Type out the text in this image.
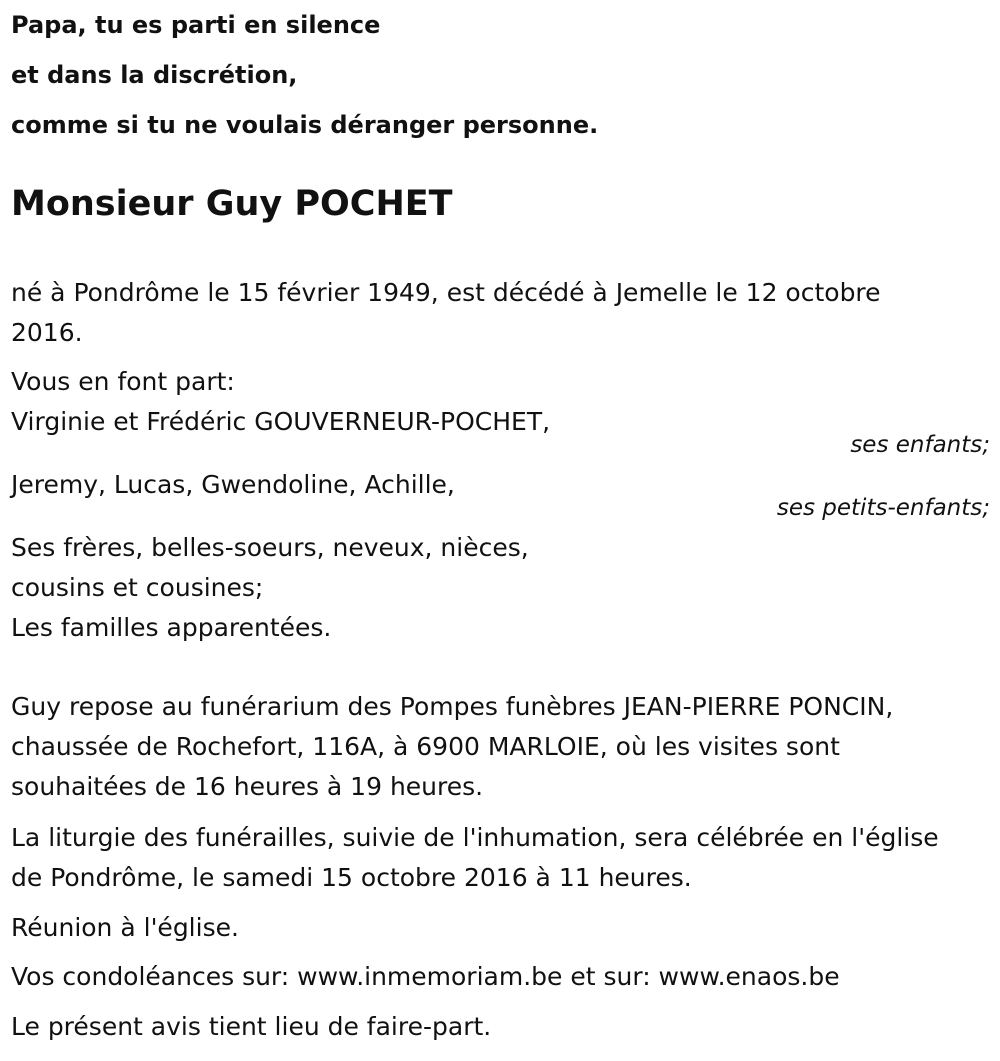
Papa, tu es parti en silence
et dans la discrétion,
comme si tu ne voulais déranger personne.
Monsieur Guy POCHET
né à Pondrôme le 15 février 1949, est décédé à Jemelle le 12 octobre
2016.
Vous en font part:
Virginie et Frédéric GOUVERNEUR-POCHET,
ses enfants;
Jeremy, Lucas, Gwendoline, Achille,
ses petits-enfants;
Ses frères, belles-soeurs, neveux, nièces,
cousins et cousines;
Les familles apparentées.
Guy repose au funérarium des Pompes funèbres JEAN-PIERRE PONCIN,
chaussée de Rochefort, 116A, à 6900 MARLOIE, où les visites sont
souhaitées de 16 heures à 19 heures.
La liturgie des funérailles, suivie de l'inhumation, sera célébrée en l'église
de Pondrôme, le samedi 15 octobre 2016 à 11 heures.
Réunion à l'église.
Vos condoléances sur: www.inmemoriam.be et sur: www.enaos.be
Le présent avis tient lieu de faire-part.
